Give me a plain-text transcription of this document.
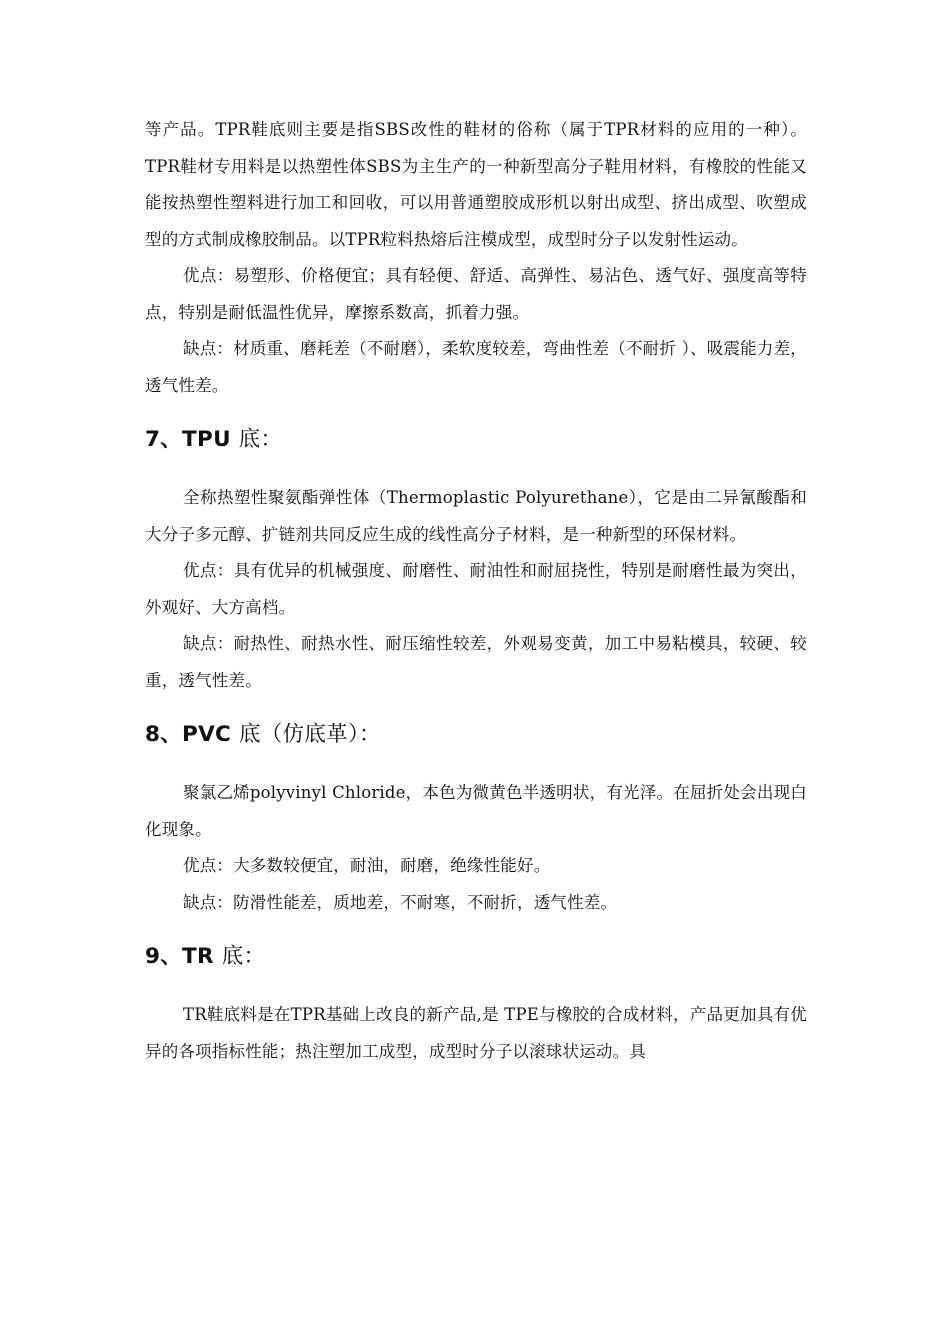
等产品。TPR鞋底则主要是指SBS改性的鞋材的俗称（属于TPR材料的应用的一种）。TPR鞋材专用料是以热塑性体SBS为主生产的一种新型高分子鞋用材料，有橡胶的性能又能按热塑性塑料进行加工和回收，可以用普通塑胶成形机以射出成型、挤出成型、吹塑成型的方式制成橡胶制品。以TPR粒料热熔后注模成型，成型时分子以发射性运动。

优点：易塑形、价格便宜；具有轻便、舒适、高弹性、易沾色、透气好、强度高等特点，特别是耐低温性优异，摩擦系数高，抓着力强。

缺点：材质重、磨耗差（不耐磨），柔软度较差，弯曲性差（不耐折 ）、吸震能力差，透气性差。

7、TPU 底：

全称热塑性聚氨酯弹性体（Thermoplastic Polyurethane），它是由二异氰酸酯和大分子多元醇、扩链剂共同反应生成的线性高分子材料，是一种新型的环保材料。

优点：具有优异的机械强度、耐磨性、耐油性和耐屈挠性，特别是耐磨性最为突出，外观好、大方高档。

缺点：耐热性、耐热水性、耐压缩性较差，外观易变黄，加工中易粘模具，较硬、较重，透气性差。

8、PVC 底（仿底革）：

聚氯乙烯polyvinyl Chloride，本色为微黄色半透明状，有光泽。在屈折处会出现白化现象。

优点：大多数较便宜，耐油，耐磨，绝缘性能好。

缺点：防滑性能差，质地差，不耐寒，不耐折，透气性差。

9、TR 底：

TR鞋底料是在TPR基础上改良的新产品,是 TPE与橡胶的合成材料，产品更加具有优异的各项指标性能；热注塑加工成型，成型时分子以滚球状运动。具
